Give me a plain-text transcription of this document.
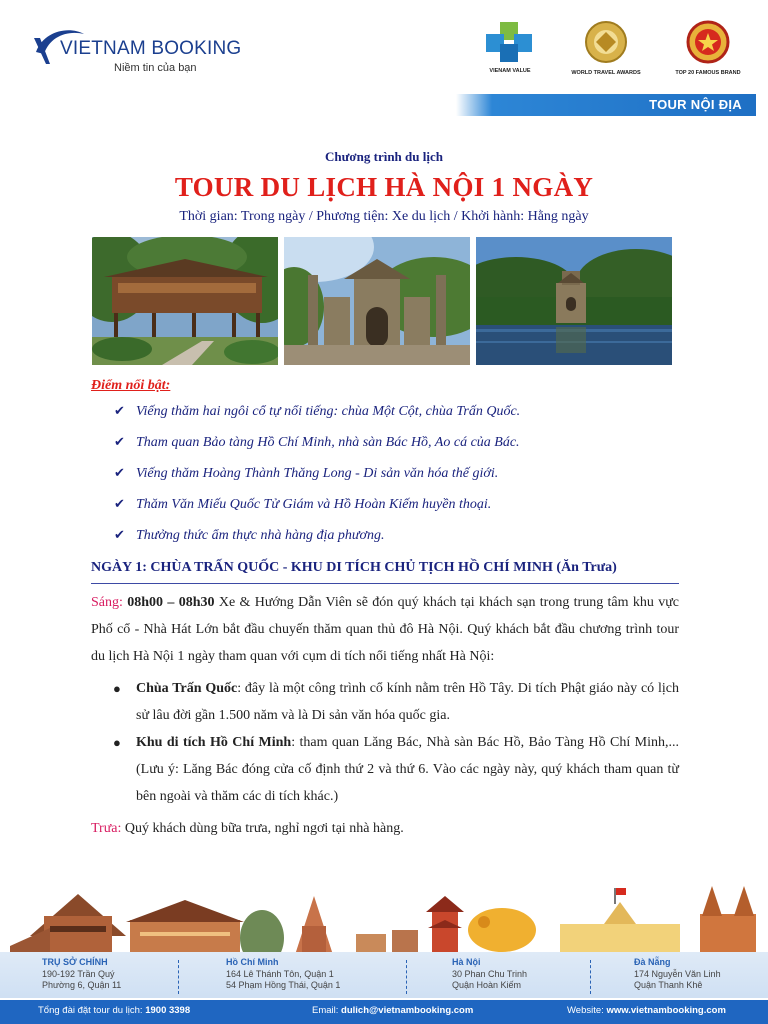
VIETNAM BOOKING
Niềm tin của bạn	VIENAM VALUE	WORLD TRAVEL AWARDS	TOP 20 FAMOUS BRAND
TOUR NỘI ĐỊA
Chương trình du lịch
TOUR DU LỊCH HÀ NỘI 1 NGÀY
Thời gian: Trong ngày / Phương tiện: Xe du lịch / Khởi hành: Hằng ngày
Điểm nổi bật:
✔ Viếng thăm hai ngôi cổ tự nổi tiếng: chùa Một Cột, chùa Trấn Quốc.
✔ Tham quan Bảo tàng Hồ Chí Minh, nhà sàn Bác Hồ, Ao cá của Bác.
✔ Viếng thăm Hoàng Thành Thăng Long - Di sản văn hóa thế giới.
✔ Thăm Văn Miếu Quốc Tử Giám và Hồ Hoàn Kiếm huyền thoại.
✔ Thưởng thức ẩm thực nhà hàng địa phương.
NGÀY 1: CHÙA TRẤN QUỐC - KHU DI TÍCH CHỦ TỊCH HỒ CHÍ MINH (Ăn Trưa)

Sáng: 08h00 – 08h30 Xe & Hướng Dẫn Viên sẽ đón quý khách tại khách sạn trong trung tâm khu vực Phố cổ - Nhà Hát Lớn bắt đầu chuyến thăm quan thủ đô Hà Nội. Quý khách bắt đầu chương trình tour du lịch Hà Nội 1 ngày tham quan với cụm di tích nổi tiếng nhất Hà Nội:

● Chùa Trấn Quốc: đây là một công trình cổ kính nằm trên Hồ Tây. Di tích Phật giáo này có lịch sử lâu đời gần 1.500 năm và là Di sản văn hóa quốc gia.
● Khu di tích Hồ Chí Minh: tham quan Lăng Bác, Nhà sàn Bác Hồ, Bảo Tàng Hồ Chí Minh,... (Lưu ý: Lăng Bác đóng cửa cố định thứ 2 và thứ 6. Vào các ngày này, quý khách tham quan từ bên ngoài và thăm các di tích khác.)

Trưa: Quý khách dùng bữa trưa, nghỉ ngơi tại nhà hàng.

TRỤ SỞ CHÍNH
190-192 Trần Quý
Phường 6, Quận 11
Hồ Chí Minh
164 Lê Thánh Tôn, Quận 1
54 Phạm Hồng Thái, Quận 1
Hà Nội
30 Phan Chu Trinh
Quận Hoàn Kiếm
Đà Nẵng
174 Nguyễn Văn Linh
Quận Thanh Khê
Tổng đài đặt tour du lịch: 1900 3398	Email: dulich@vietnambooking.com	Website: www.vietnambooking.com
